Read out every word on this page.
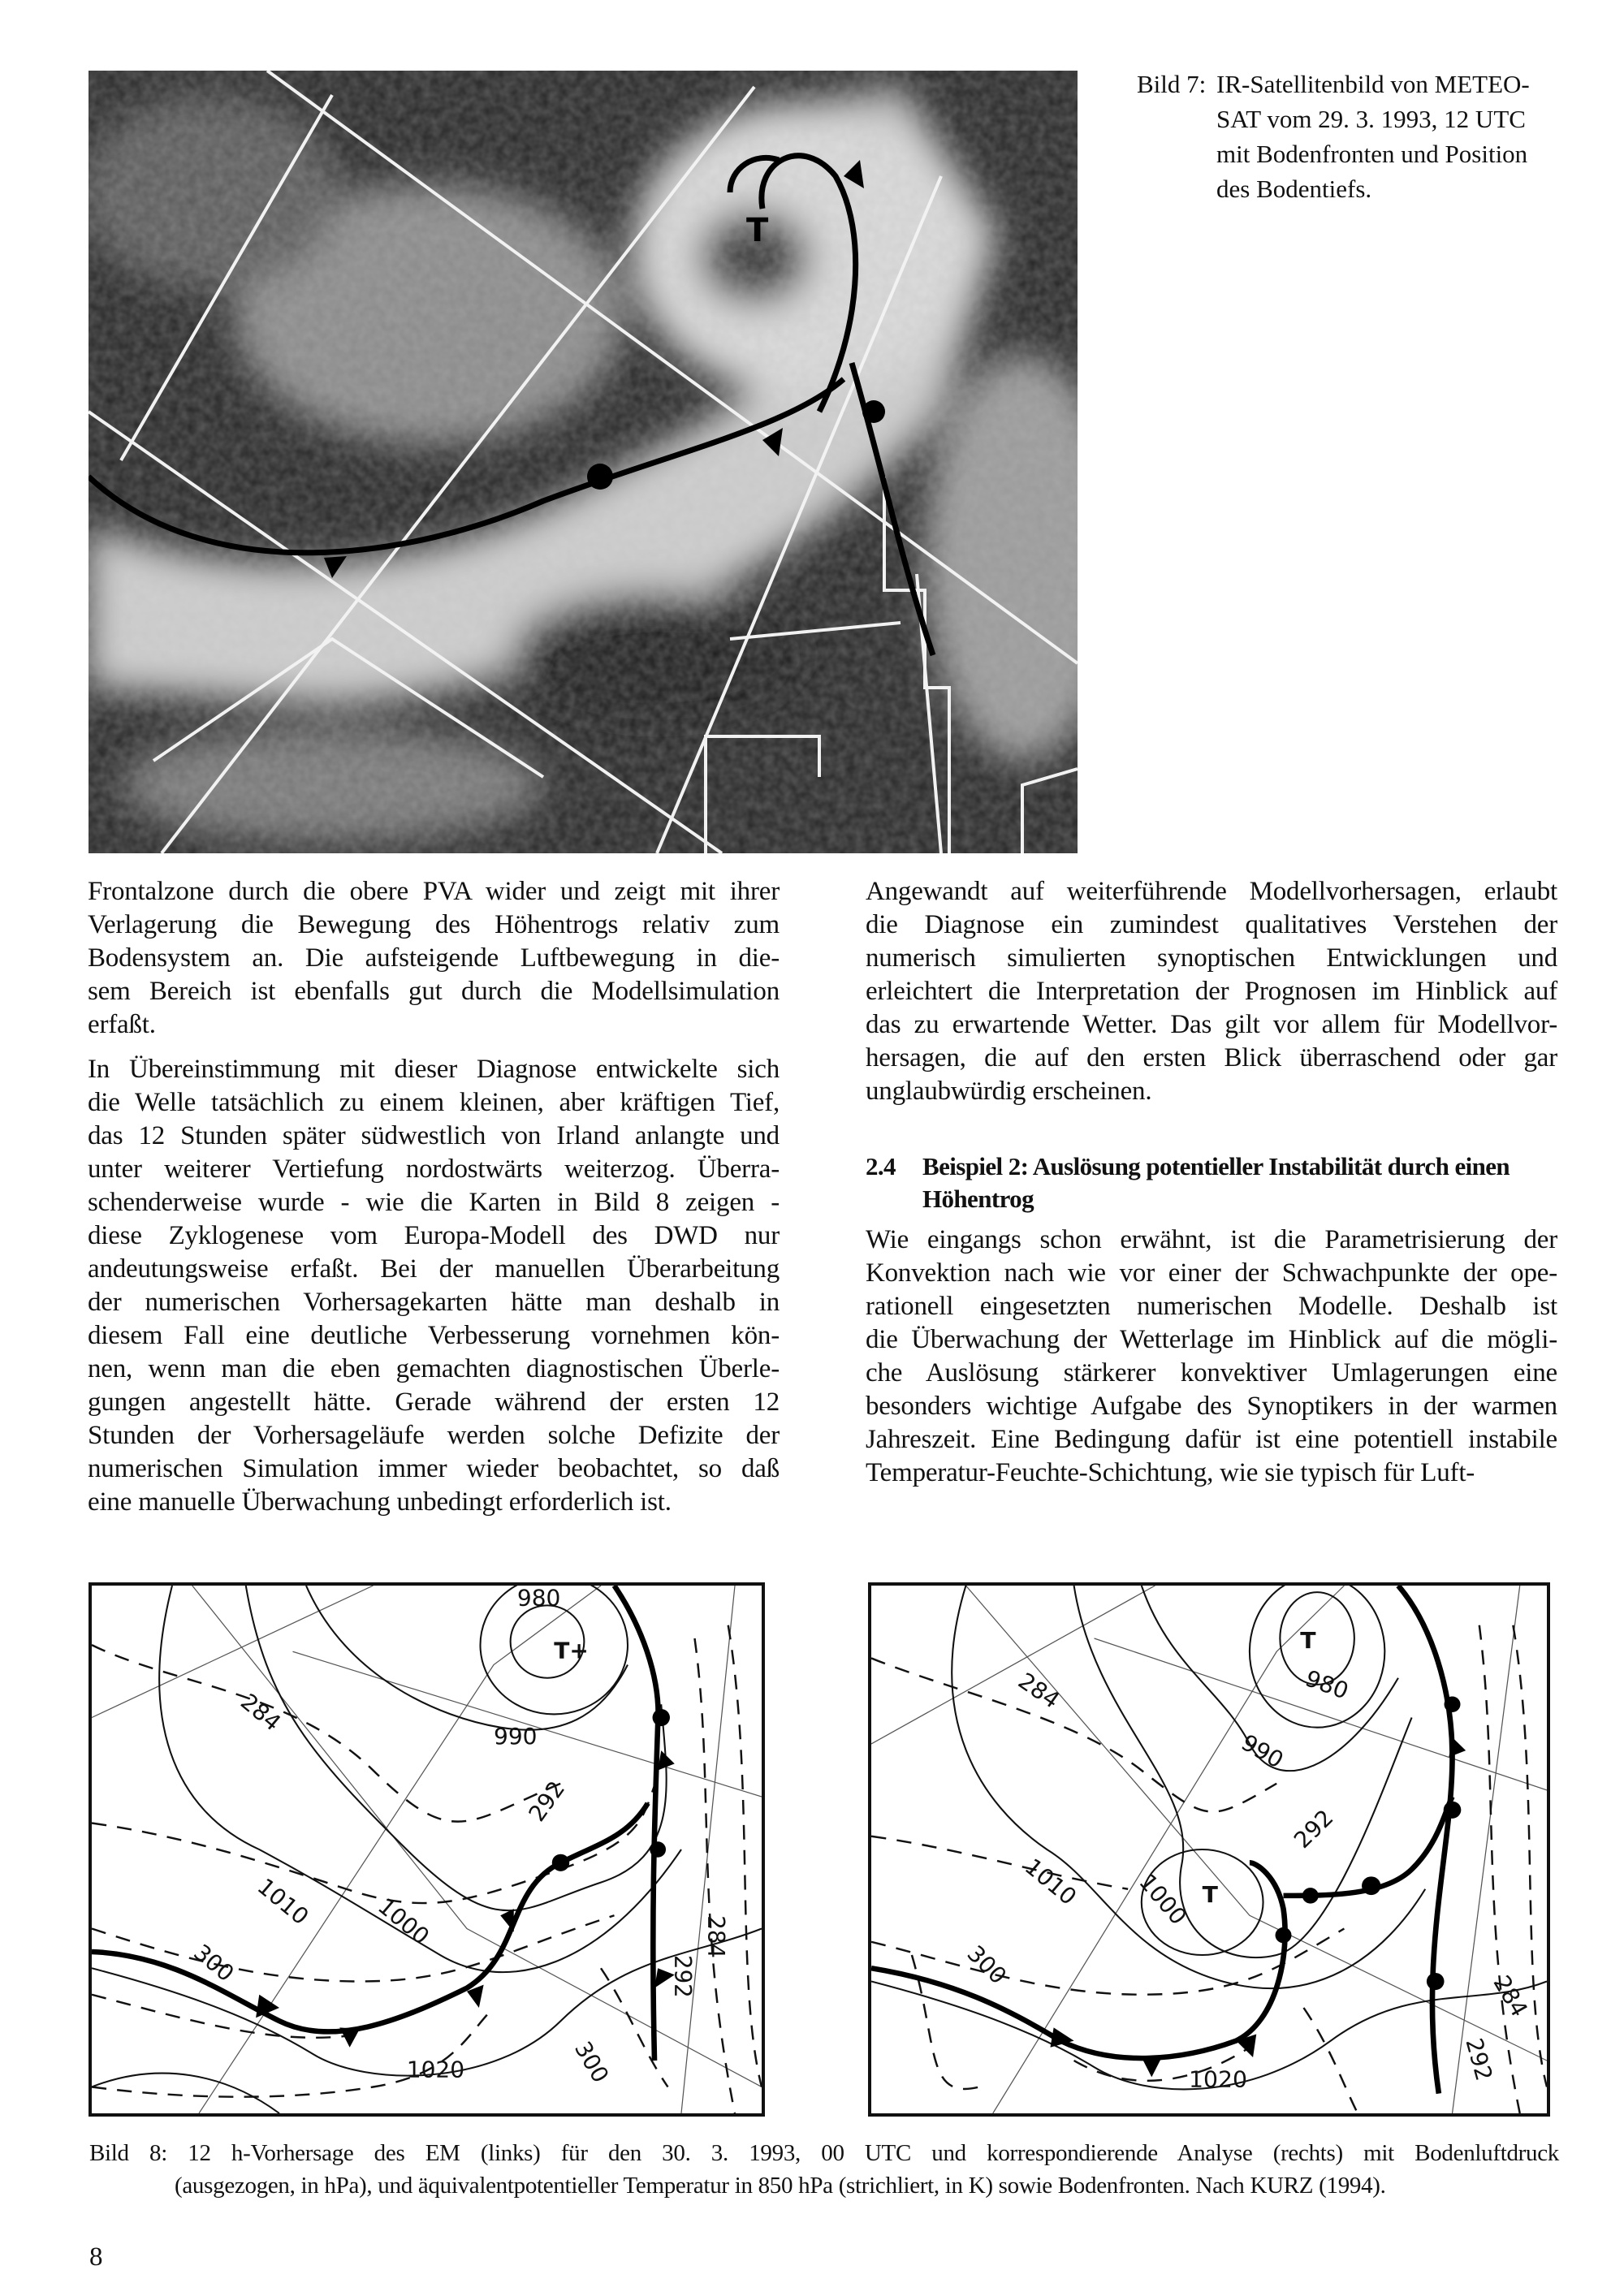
T
Bild 7: IR-Satellitenbild von METEO-
SAT vom 29. 3. 1993, 12 UTC
mit Bodenfronten und Position
des Bodentiefs.
Frontalzone durch die obere PVA wider und zeigt mit ihrer
Verlagerung die Bewegung des Höhentrogs relativ zum
Bodensystem an. Die aufsteigende Luftbewegung in die-
sem Bereich ist ebenfalls gut durch die Modellsimulation
erfaßt.
In Übereinstimmung mit dieser Diagnose entwickelte sich
die Welle tatsächlich zu einem kleinen, aber kräftigen Tief,
das 12 Stunden später südwestlich von Irland anlangte und
unter weiterer Vertiefung nordostwärts weiterzog. Überra-
schenderweise wurde - wie die Karten in Bild 8 zeigen -
diese Zyklogenese vom Europa-Modell des DWD nur
andeutungsweise erfaßt. Bei der manuellen Überarbeitung
der numerischen Vorhersagekarten hätte man deshalb in
diesem Fall eine deutliche Verbesserung vornehmen kön-
nen, wenn man die eben gemachten diagnostischen Überle-
gungen angestellt hätte. Gerade während der ersten 12
Stunden der Vorhersageläufe werden solche Defizite der
numerischen Simulation immer wieder beobachtet, so daß
eine manuelle Überwachung unbedingt erforderlich ist.
Angewandt auf weiterführende Modellvorhersagen, erlaubt
die Diagnose ein zumindest qualitatives Verstehen der
numerisch simulierten synoptischen Entwicklungen und
erleichtert die Interpretation der Prognosen im Hinblick auf
das zu erwartende Wetter. Das gilt vor allem für Modellvor-
hersagen, die auf den ersten Blick überraschend oder gar
unglaubwürdig erscheinen.
2.4 Beispiel 2: Auslösung potentieller Instabilität durch einen
Höhentrog
Wie eingangs schon erwähnt, ist die Parametrisierung der
Konvektion nach wie vor einer der Schwachpunkte der ope-
rationell eingesetzten numerischen Modelle. Deshalb ist
die Überwachung der Wetterlage im Hinblick auf die mögli-
che Auslösung stärkerer konvektiver Umlagerungen eine
besonders wichtige Aufgabe des Synoptikers in der warmen
Jahreszeit. Eine Bedingung dafür ist eine potentiell instabile
Temperatur-Feuchte-Schichtung, wie sie typisch für Luft-
T+
980
990
1000
1010
1020
284
292
300
300
284
292
T
T
980
990
1000
1010
1020
284
292
300
284
292
Bild 8: 12 h-Vorhersage des EM (links) für den 30. 3. 1993, 00 UTC und korrespondierende Analyse (rechts) mit Bodenluftdruck
(ausgezogen, in hPa), und äquivalentpotentieller Temperatur in 850 hPa (strichliert, in K) sowie Bodenfronten. Nach KURZ (1994).
8
